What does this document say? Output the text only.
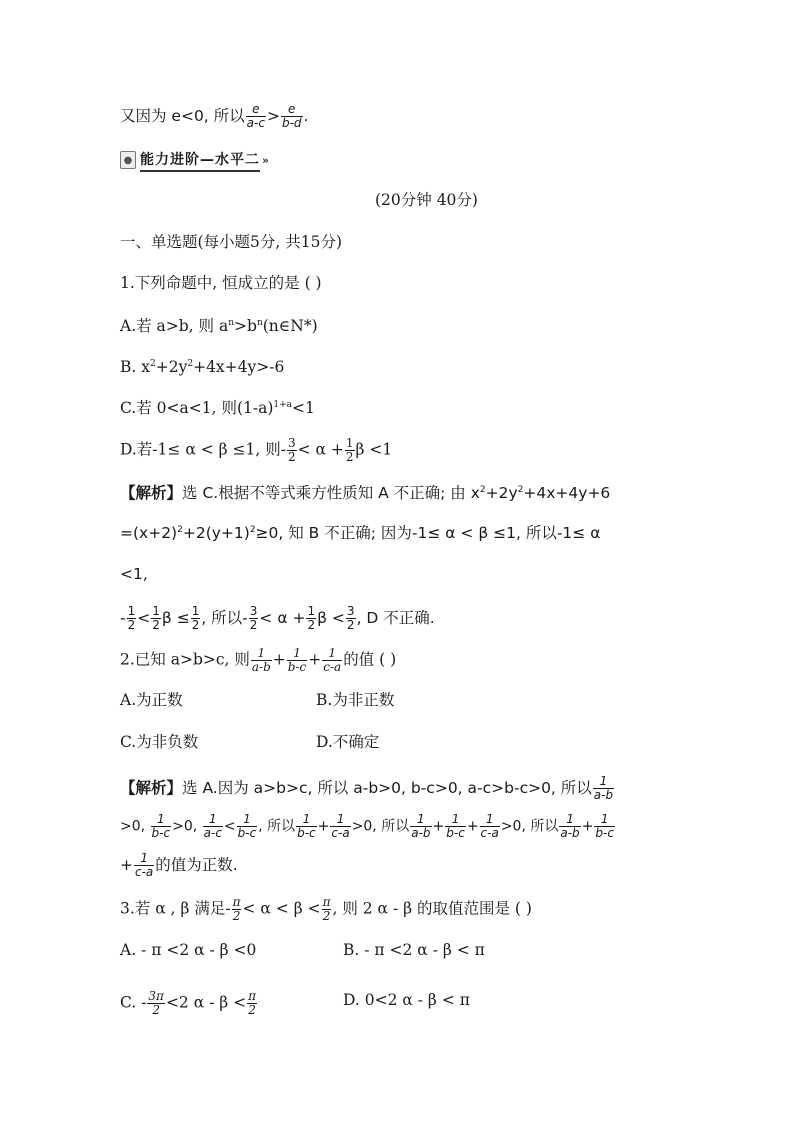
又因为 e<0, 所以 $\frac{e}{a-c} > \frac{e}{b-d}$ .
● 能力进阶—水平二 »
(20分钟 40分)
一、单选题(每小题5分, 共15分)
1.下列命题中, 恒成立的是 ( )
A.若 a>b, 则 $a^n>b^n(n\in N*)$
B. $x^2+2y^2+4x+4y>-6$
C.若 0<a<1, 则$(1-a)^{1+a}<1$
D.若-1≤ α < β ≤1, 则- $\frac{3}{2} < \alpha + \frac{1}{2}$ β <1
【解析】选 C.根据不等式乘方性质知 A 不正确; 由 $x^2+2y^2+4x+4y+6$
$=(x+2)^2+2(y+1)^2\ge 0$, 知 B 不正确; 因为-1≤ α < β ≤1, 所以-1≤ α
<1,
- $\frac{1}{2} < \frac{1}{2}$ $\beta \le \frac{1}{2}$ , 所以- $\frac{3}{2} < \alpha + \frac{1}{2}$ $\beta < \frac{3}{2}$ , D 不正确.
2.已知 a>b>c, 则 $\frac{1}{a-b} + \frac{1}{b-c} + \frac{1}{c-a}$ 的值 ( )
A.为正数	B.为非正数
C.为非负数	D.不确定
【解析】选 A.因为 a>b>c, 所以 a-b>0, b-c>0, a-c>b-c>0, 所以 $\frac{1}{a-b}$
>0, $\frac{1}{b-c} >0$, $\frac{1}{a-c} < \frac{1}{b-c}$ , 所以 $\frac{1}{b-c} + \frac{1}{c-a} >0$, 所以 $\frac{1}{a-b} + \frac{1}{b-c} + \frac{1}{c-a} >0$, 所以 $\frac{1}{a-b} + \frac{1}{b-c}$
+ $\frac{1}{c-a}$ 的值为正数.
3.若 α , β 满足- $\frac{\pi}{2} < \alpha < \beta < \frac{\pi}{2}$ , 则 2 α - β 的取值范围是 ( )
A. - π <2 α - β <0	B. - π <2 α - β < π
C. - $\frac{3\pi}{2} <2$ $\alpha - \beta < \frac{\pi}{2}$	D. 0<2 α - β < π
